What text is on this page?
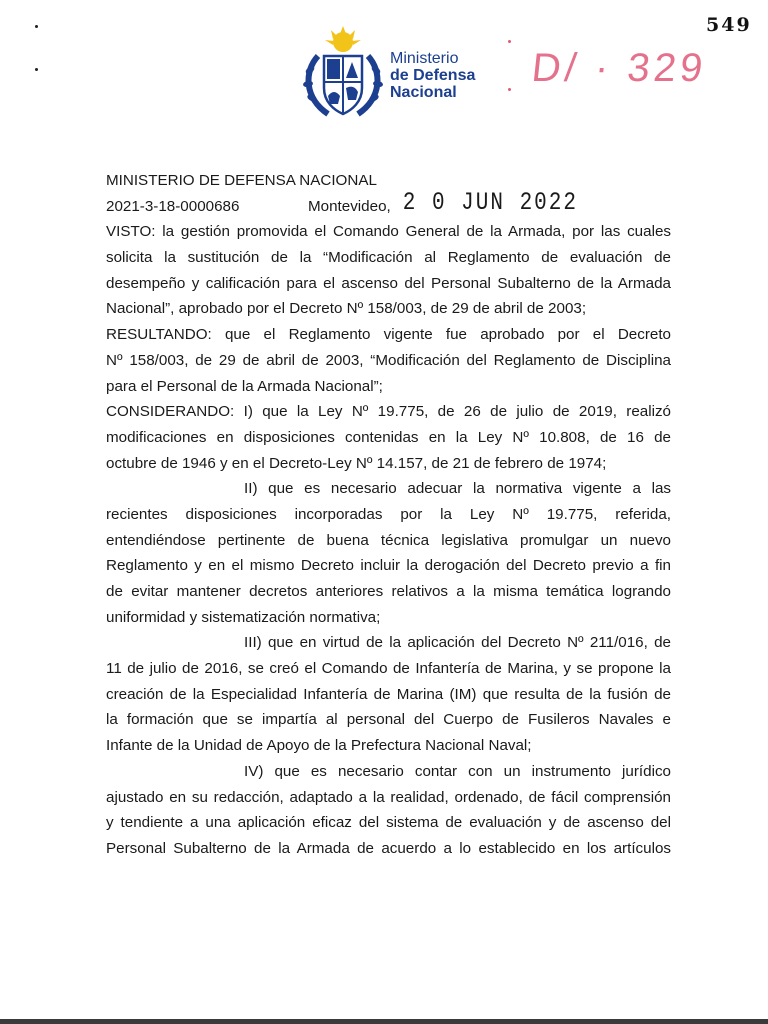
549
Ministerio
de Defensa
Nacional
D/ · 329
MINISTERIO DE DEFENSA NACIONAL
2021-3-18-0000686	Montevideo, 2 0 JUN 2022
VISTO: la gestión promovida el Comando General de la Armada, por las cuales
solicita la sustitución de la “Modificación al Reglamento de evaluación de
desempeño y calificación para el ascenso del Personal Subalterno de la Armada
Nacional”, aprobado por el Decreto Nº 158/003, de 29 de abril de 2003;
RESULTANDO: que el Reglamento vigente fue aprobado por el Decreto
Nº 158/003, de 29 de abril de 2003, “Modificación del Reglamento de Disciplina
para el Personal de la Armada Nacional”;
CONSIDERANDO: I) que la Ley Nº 19.775, de 26 de julio de 2019, realizó
modificaciones en disposiciones contenidas en la Ley Nº 10.808, de 16 de
octubre de 1946 y en el Decreto-Ley Nº 14.157, de 21 de febrero de 1974;
II) que es necesario adecuar la normativa vigente a las
recientes disposiciones incorporadas por la Ley Nº 19.775, referida,
entendiéndose pertinente de buena técnica legislativa promulgar un nuevo
Reglamento y en el mismo Decreto incluir la derogación del Decreto previo a fin
de evitar mantener decretos anteriores relativos a la misma temática logrando
uniformidad y sistematización normativa;
III) que en virtud de la aplicación del Decreto Nº 211/016, de
11 de julio de 2016, se creó el Comando de Infantería de Marina, y se propone la
creación de la Especialidad Infantería de Marina (IM) que resulta de la fusión de
la formación que se impartía al personal del Cuerpo de Fusileros Navales e
Infante de la Unidad de Apoyo de la Prefectura Nacional Naval;
IV) que es necesario contar con un instrumento jurídico
ajustado en su redacción, adaptado a la realidad, ordenado, de fácil comprensión
y tendiente a una aplicación eficaz del sistema de evaluación y de ascenso del
Personal Subalterno de la Armada de acuerdo a lo establecido en los artículos
